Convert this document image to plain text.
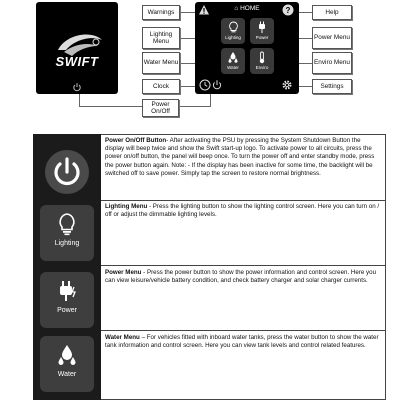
SWIFT
Warnings
Lighting Menu
Water Menu
Clock
Power On/Off
Help
Power Menu
Enviro Menu
Settings
⌂ HOME	?
Lighting	Power
Water	Enviro
Power On/Off Button- After activating the PSU by pressing the System Shutdown Button the display will beep twice and show the Swift start-up logo. To activate power to all circuits, press the power on/off button, the panel will beep once. To turn the power off and enter standby mode, press the power button again. Note: - If the display has been inactive for some time, the backlight will be switched off to save power. Simply tap the screen to restore normal brightness.
Lighting
Lighting Menu - Press the lighting button to show the lighting control screen. Here you can turn on / off or adjust the dimmable lighting levels.
Power
Power Menu - Press the power button to show the power information and control screen. Here you can view leisure/vehicle battery condition, and check battery charger and solar charger currents.
Water
Water Menu – For vehicles fitted with inboard water tanks, press the water button to show the water tank information and control screen. Here you can view tank levels and control related features.
